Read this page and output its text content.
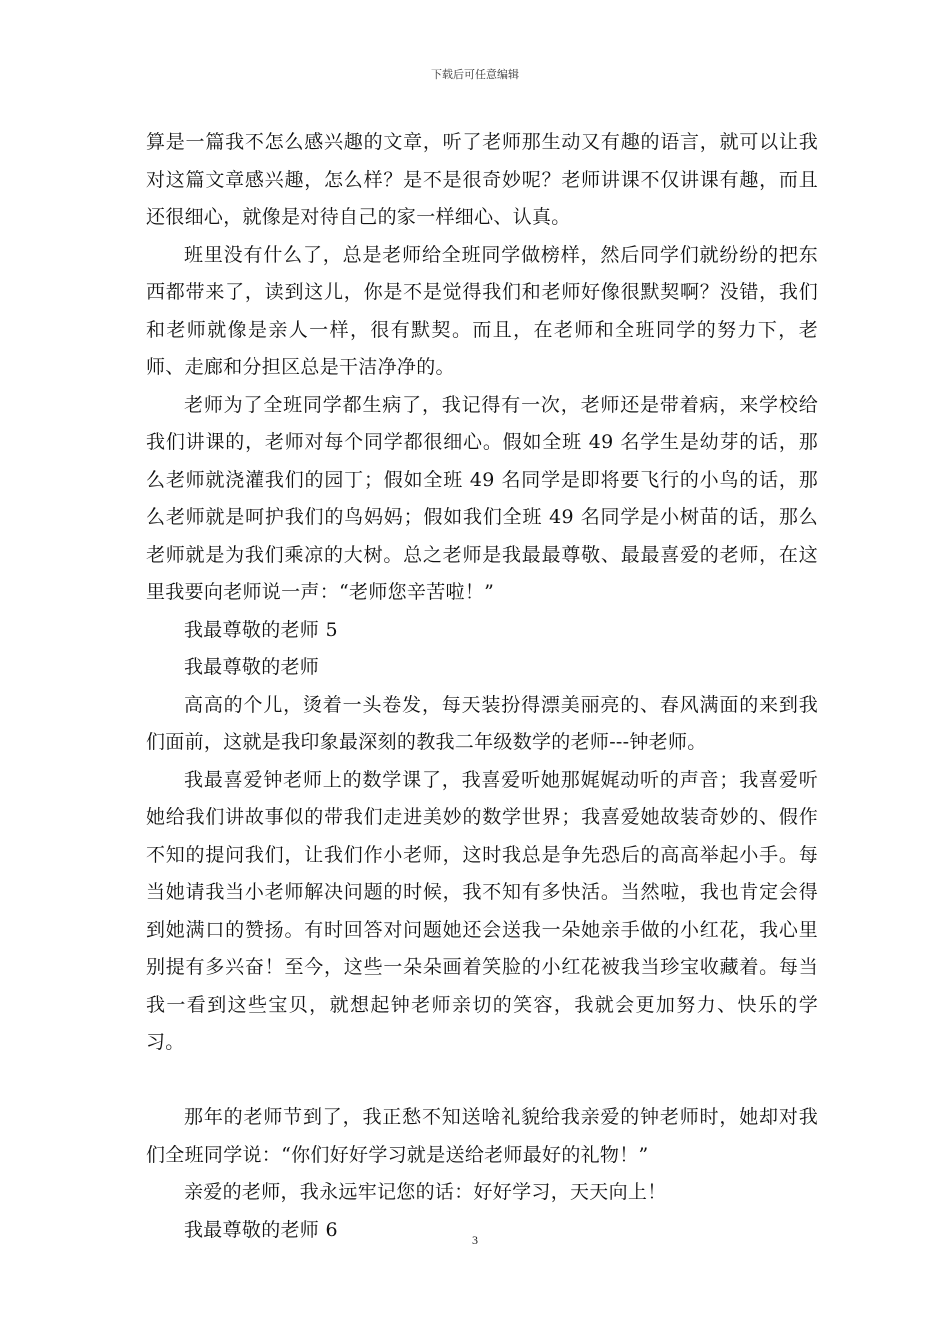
下载后可任意编辑

算是一篇我不怎么感兴趣的文章，听了老师那生动又有趣的语言，就可以让我对这篇文章感兴趣，怎么样？是不是很奇妙呢？老师讲课不仅讲课有趣，而且还很细心，就像是对待自己的家一样细心、认真。

班里没有什么了，总是老师给全班同学做榜样，然后同学们就纷纷的把东西都带来了，读到这儿，你是不是觉得我们和老师好像很默契啊？没错，我们和老师就像是亲人一样，很有默契。而且，在老师和全班同学的努力下，老师、走廊和分担区总是干洁净净的。

老师为了全班同学都生病了，我记得有一次，老师还是带着病，来学校给我们讲课的，老师对每个同学都很细心。假如全班 49 名学生是幼芽的话，那么老师就浇灌我们的园丁；假如全班 49 名同学是即将要飞行的小鸟的话，那么老师就是呵护我们的鸟妈妈；假如我们全班 49 名同学是小树苗的话，那么老师就是为我们乘凉的大树。总之老师是我最最尊敬、最最喜爱的老师，在这里我要向老师说一声：“老师您辛苦啦！”

我最尊敬的老师 5

我最尊敬的老师

高高的个儿，烫着一头卷发，每天装扮得漂美丽亮的、春风满面的来到我们面前，这就是我印象最深刻的教我二年级数学的老师---钟老师。

我最喜爱钟老师上的数学课了，我喜爱听她那娓娓动听的声音；我喜爱听她给我们讲故事似的带我们走进美妙的数学世界；我喜爱她故装奇妙的、假作不知的提问我们，让我们作小老师，这时我总是争先恐后的高高举起小手。每当她请我当小老师解决问题的时候，我不知有多快活。当然啦，我也肯定会得到她满口的赞扬。有时回答对问题她还会送我一朵她亲手做的小红花，我心里别提有多兴奋！至今，这些一朵朵画着笑脸的小红花被我当珍宝收藏着。每当我一看到这些宝贝，就想起钟老师亲切的笑容，我就会更加努力、快乐的学习。

那年的老师节到了，我正愁不知送啥礼貌给我亲爱的钟老师时，她却对我们全班同学说：“你们好好学习就是送给老师最好的礼物！”

亲爱的老师，我永远牢记您的话：好好学习，天天向上！

我最尊敬的老师 6	3
